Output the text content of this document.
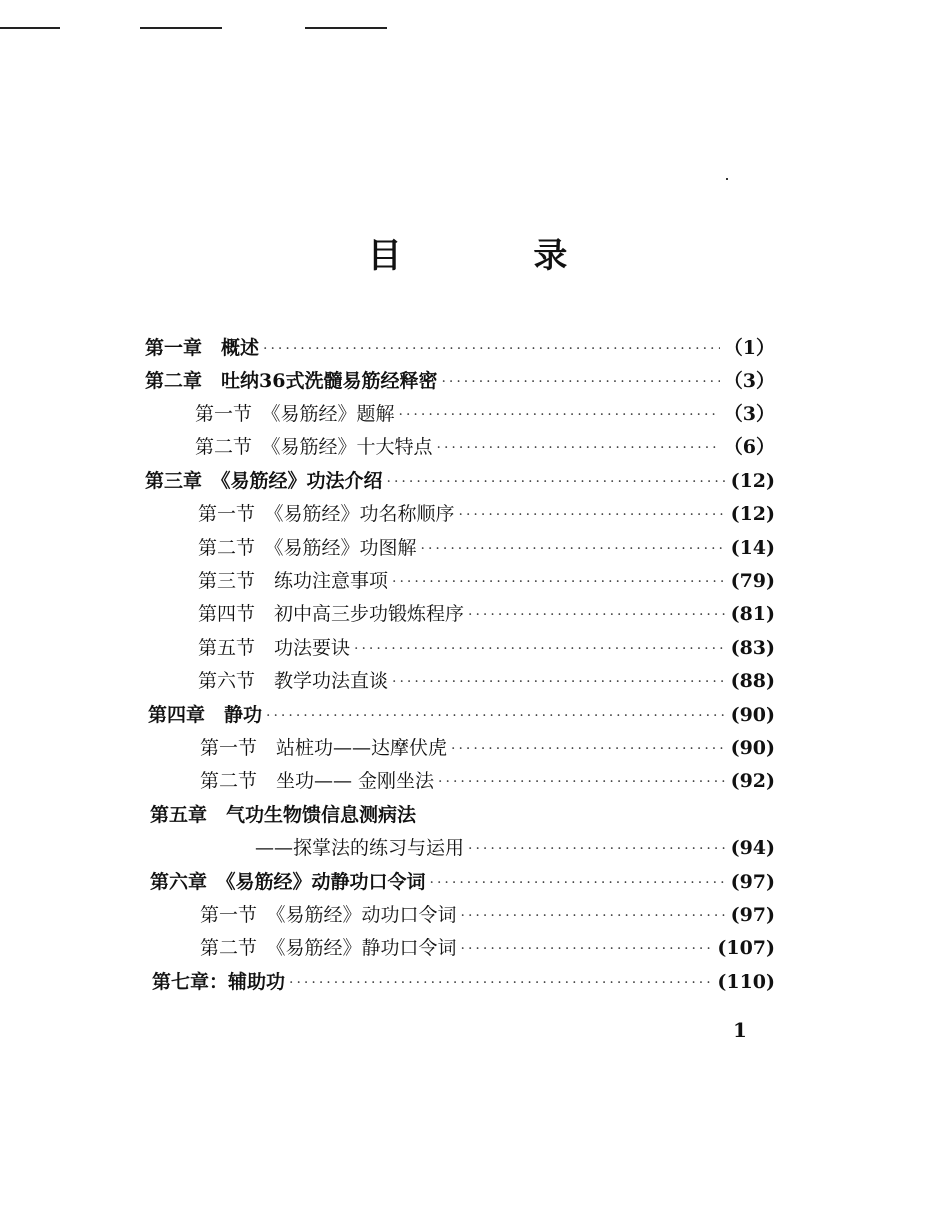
目 录
第一章　概述 ·····	（1）
第二章　吐纳36式洗髓易筋经释密 ·····	（3）
第一节　《易筋经》题解 ·····	（3）
第二节　《易筋经》十大特点 ·····	（6）
第三章　《易筋经》功法介绍 ·····	(12)
第一节　《易筋经》功名称顺序 ·····	(12)
第二节　《易筋经》功图解 ·····	(14)
第三节　练功注意事项 ·····	(79)
第四节　初中高三步功锻炼程序 ·····	(81)
第五节　功法要诀 ·····	(83)
第六节　教学功法直谈 ·····	(88)
第四章　静功 ·····	(90)
第一节　站桩功——达摩伏虎 ·····	(90)
第二节　坐功—— 金刚坐法 ·····	(92)
第五章　气功生物馈信息测病法
——探掌法的练习与运用 ·····	(94)
第六章　《易筋经》动静功口令词 ·····	(97)
第一节　《易筋经》动功口令词 ·····	(97)
第二节　《易筋经》静功口令词 ·····	(107)
第七章：辅助功 ·····	(110)
1
